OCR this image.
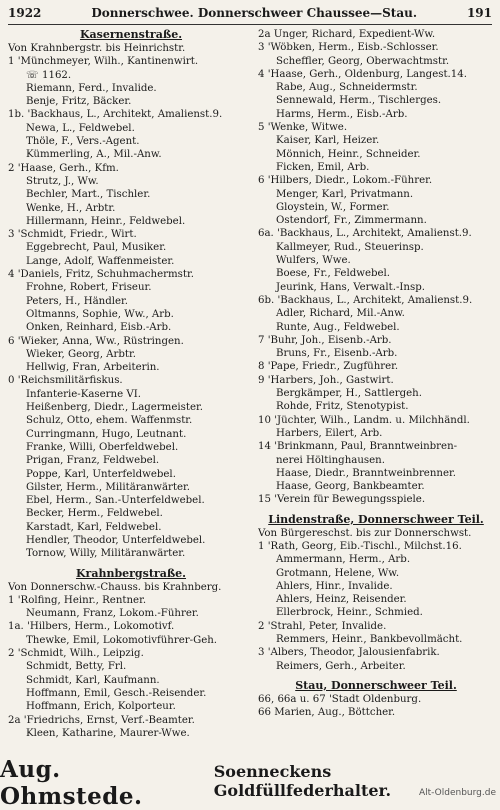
1922	Donnerschwee. Donnerschweer Chaussee—Stau.	191
Kasernenstraße.
Von Krahnbergstr. bis Heinrichstr.
1 'Münchmeyer, Wilh., Kantinenwirt.
☏ 1162.
Riemann, Ferd., Invalide.
Benje, Fritz, Bäcker.
1b. 'Backhaus, L., Architekt, Amalienst.9.
Newa, L., Feldwebel.
Thöle, F., Vers.-Agent.
Kümmerling, A., Mil.-Anw.
2 'Haase, Gerh., Kfm.
Strutz, J., Ww.
Bechler, Mart., Tischler.
Wenke, H., Arbtr.
Hillermann, Heinr., Feldwebel.
3 'Schmidt, Friedr., Wirt.
Eggebrecht, Paul, Musiker.
Lange, Adolf, Waffenmeister.
4 'Daniels, Fritz, Schuhmachermstr.
Frohne, Robert, Friseur.
Peters, H., Händler.
Oltmanns, Sophie, Ww., Arb.
Onken, Reinhard, Eisb.-Arb.
6 'Wieker, Anna, Ww., Rüstringen.
Wieker, Georg, Arbtr.
Hellwig, Fran, Arbeiterin.
0 'Reichsmilitärfiskus.
Infanterie-Kaserne VI.
Heißenberg, Diedr., Lagermeister.
Schulz, Otto, ehem. Waffenmstr.
Curringmann, Hugo, Leutnant.
Franke, Willi, Oberfeldwebel.
Prigan, Franz, Feldwebel.
Poppe, Karl, Unterfeldwebel.
Gilster, Herm., Militäranwärter.
Ebel, Herm., San.-Unterfeldwebel.
Becker, Herm., Feldwebel.
Karstadt, Karl, Feldwebel.
Hendler, Theodor, Unterfeldwebel.
Tornow, Willy, Militäranwärter.
Krahnbergstraße.
Von Donnerschw.-Chauss. bis Krahnberg.
1 'Rolfing, Heinr., Rentner.
Neumann, Franz, Lokom.-Führer.
1a. 'Hilbers, Herm., Lokomotivf.
Thewke, Emil, Lokomotivführer-Geh.
2 'Schmidt, Wilh., Leipzig.
Schmidt, Betty, Frl.
Schmidt, Karl, Kaufmann.
Hoffmann, Emil, Gesch.-Reisender.
Hoffmann, Erich, Kolporteur.
2a 'Friedrichs, Ernst, Verf.-Beamter.
Kleen, Katharine, Maurer-Wwe.
2a Unger, Richard, Expedient-Ww.
3 'Wöbken, Herm., Eisb.-Schlosser.
Scheffler, Georg, Oberwachtmstr.
4 'Haase, Gerh., Oldenburg, Langest.14.
Rabe, Aug., Schneidermstr.
Sennewald, Herm., Tischlerges.
Harms, Herm., Eisb.-Arb.
5 'Wenke, Witwe.
Kaiser, Karl, Heizer.
Mönnich, Heinr., Schneider.
Ficken, Emil, Arb.
6 'Hilbers, Diedr., Lokom.-Führer.
Menger, Karl, Privatmann.
Gloystein, W., Former.
Ostendorf, Fr., Zimmermann.
6a. 'Backhaus, L., Architekt, Amalienst.9.
Kallmeyer, Rud., Steuerinsp.
Wulfers, Wwe.
Boese, Fr., Feldwebel.
Jeurink, Hans, Verwalt.-Insp.
6b. 'Backhaus, L., Architekt, Amalienst.9.
Adler, Richard, Mil.-Anw.
Runte, Aug., Feldwebel.
7 'Buhr, Joh., Eisenb.-Arb.
Bruns, Fr., Eisenb.-Arb.
8 'Pape, Friedr., Zugführer.
9 'Harbers, Joh., Gastwirt.
Bergkämper, H., Sattlergeh.
Rohde, Fritz, Stenotypist.
10 'Jüchter, Wilh., Landm. u. Milchhändl.
Harbers, Eilert, Arb.
14 'Brinkmann, Paul, Branntweinbren-
nerei Höltinghausen.
Haase, Diedr., Branntweinbrenner.
Haase, Georg, Bankbeamter.
15 'Verein für Bewegungsspiele.
Lindenstraße, Donnerschweer Teil.
Von Bürgereschst. bis zur Donnerschwst.
1 'Rath, Georg, Eib.-Tischl., Milchst.16.
Ammermann, Herm., Arb.
Grotmann, Helene, Ww.
Ahlers, Hinr., Invalide.
Ahlers, Heinz, Reisender.
Ellerbrock, Heinr., Schmied.
2 'Strahl, Peter, Invalide.
Remmers, Heinr., Bankbevollmächt.
3 'Albers, Theodor, Jalousienfabrik.
Reimers, Gerh., Arbeiter.
Stau, Donnerschweer Teil.
66, 66a u. 67 'Stadt Oldenburg.
66 Marien, Aug., Böttcher.
Aug. Ohmstede.
Soenneckens Goldfüllfederhalter.	Alt-Oldenburg.de
